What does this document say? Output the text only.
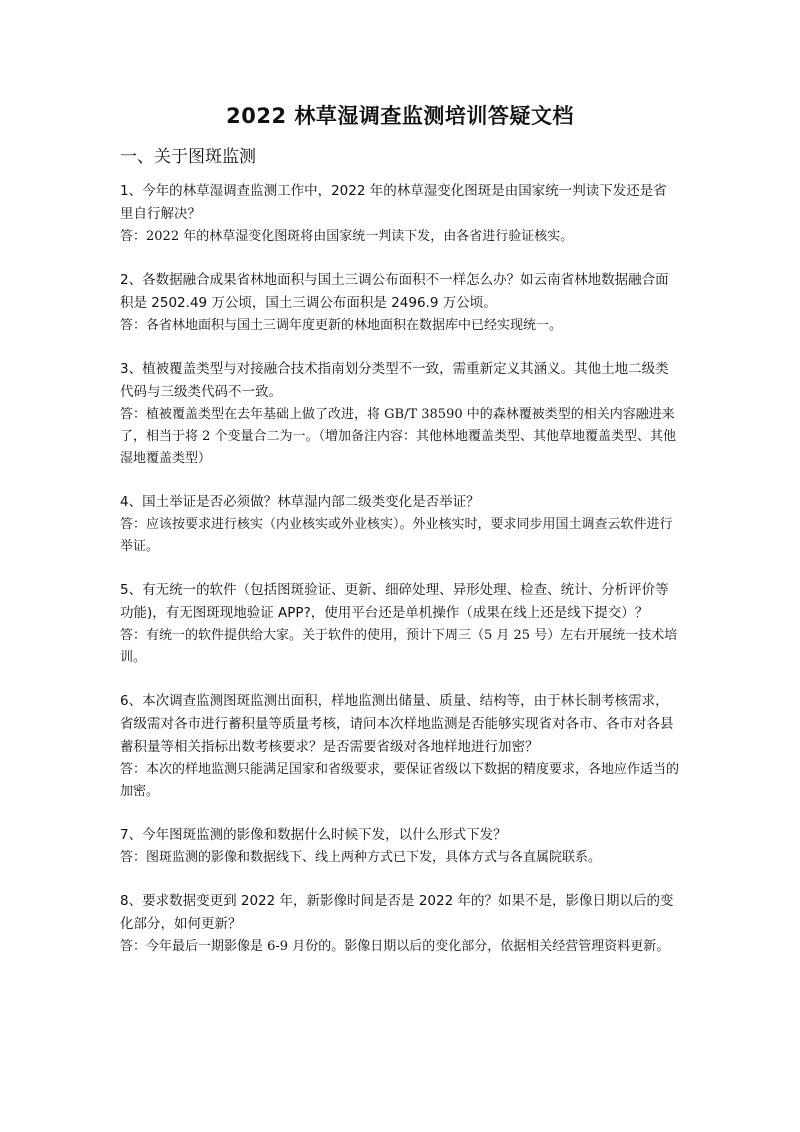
2022 林草湿调查监测培训答疑文档
一、关于图斑监测

1、今年的林草湿调查监测工作中，2022 年的林草湿变化图斑是由国家统一判读下发还是省里自行解决？

答：2022 年的林草湿变化图斑将由国家统一判读下发，由各省进行验证核实。

2、各数据融合成果省林地面积与国土三调公布面积不一样怎么办？如云南省林地数据融合面积是 2502.49 万公顷，国土三调公布面积是 2496.9 万公顷。

答：各省林地面积与国土三调年度更新的林地面积在数据库中已经实现统一。

3、植被覆盖类型与对接融合技术指南划分类型不一致，需重新定义其涵义。其他土地二级类代码与三级类代码不一致。

答：植被覆盖类型在去年基础上做了改进，将 GB/T 38590 中的森林覆被类型的相关内容融进来了，相当于将 2 个变量合二为一。（增加备注内容：其他林地覆盖类型、其他草地覆盖类型、其他湿地覆盖类型）

4、国土举证是否必须做？林草湿内部二级类变化是否举证？

答：应该按要求进行核实（内业核实或外业核实）。外业核实时，要求同步用国土调查云软件进行举证。

5、有无统一的软件（包括图斑验证、更新、细碎处理、异形处理、检查、统计、分析评价等功能)，有无图斑现地验证 APP?，使用平台还是单机操作（成果在线上还是线下提交）？

答：有统一的软件提供给大家。关于软件的使用，预计下周三（5 月 25 号）左右开展统一技术培训。

6、本次调查监测图斑监测出面积，样地监测出储量、质量、结构等，由于林长制考核需求，省级需对各市进行蓄积量等质量考核，请问本次样地监测是否能够实现省对各市、各市对各县蓄积量等相关指标出数考核要求？是否需要省级对各地样地进行加密？

答：本次的样地监测只能满足国家和省级要求，要保证省级以下数据的精度要求，各地应作适当的加密。

7、今年图斑监测的影像和数据什么时候下发，以什么形式下发？

答：图斑监测的影像和数据线下、线上两种方式已下发，具体方式与各直属院联系。

8、要求数据变更到 2022 年，新影像时间是否是 2022 年的？如果不是，影像日期以后的变化部分，如何更新？

答：今年最后一期影像是 6-9 月份的。影像日期以后的变化部分，依据相关经营管理资料更新。
